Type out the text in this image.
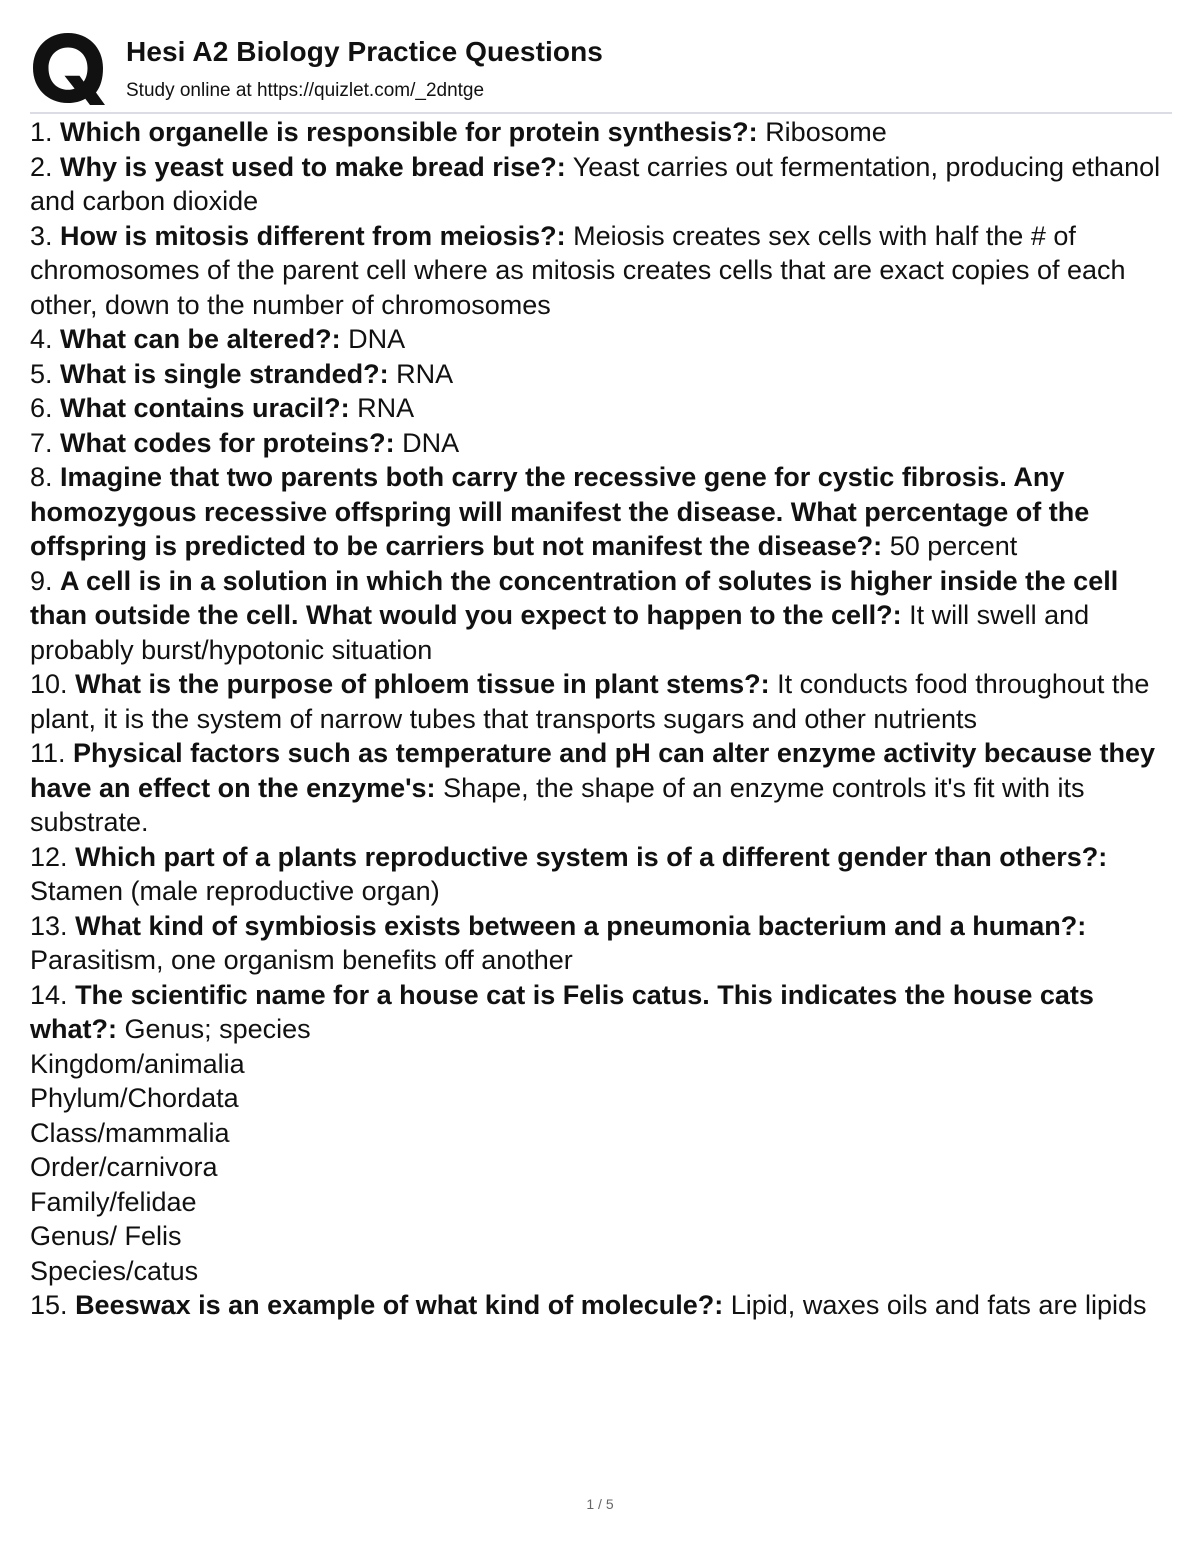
Hesi A2 Biology Practice Questions
Study online at https://quizlet.com/_2dntge

1. Which organelle is responsible for protein synthesis?: Ribosome

2. Why is yeast used to make bread rise?: Yeast carries out fermentation, producing ethanol and carbon dioxide

3. How is mitosis different from meiosis?: Meiosis creates sex cells with half the # of chromosomes of the parent cell where as mitosis creates cells that are exact copies of each other, down to the number of chromosomes

4. What can be altered?: DNA

5. What is single stranded?: RNA

6. What contains uracil?: RNA

7. What codes for proteins?: DNA

8. Imagine that two parents both carry the recessive gene for cystic fibrosis. Any homozygous recessive offspring will manifest the disease. What percentage of the offspring is predicted to be carriers but not manifest the disease?: 50 percent

9. A cell is in a solution in which the concentration of solutes is higher inside the cell than outside the cell. What would you expect to happen to the cell?: It will swell and probably burst/hypotonic situation

10. What is the purpose of phloem tissue in plant stems?: It conducts food throughout the plant, it is the system of narrow tubes that transports sugars and other nutrients

11. Physical factors such as temperature and pH can alter enzyme activity because they have an effect on the enzyme's: Shape, the shape of an enzyme controls it's fit with its substrate.

12. Which part of a plants reproductive system is of a different gender than others?: Stamen (male reproductive organ)

13. What kind of symbiosis exists between a pneumonia bacterium and a human?: Parasitism, one organism benefits off another

14. The scientific name for a house cat is Felis catus. This indicates the house cats what?: Genus; species

Kingdom/animalia

Phylum/Chordata

Class/mammalia

Order/carnivora

Family/felidae

Genus/ Felis

Species/catus

15. Beeswax is an example of what kind of molecule?: Lipid, waxes oils and fats are lipids

1 / 5
